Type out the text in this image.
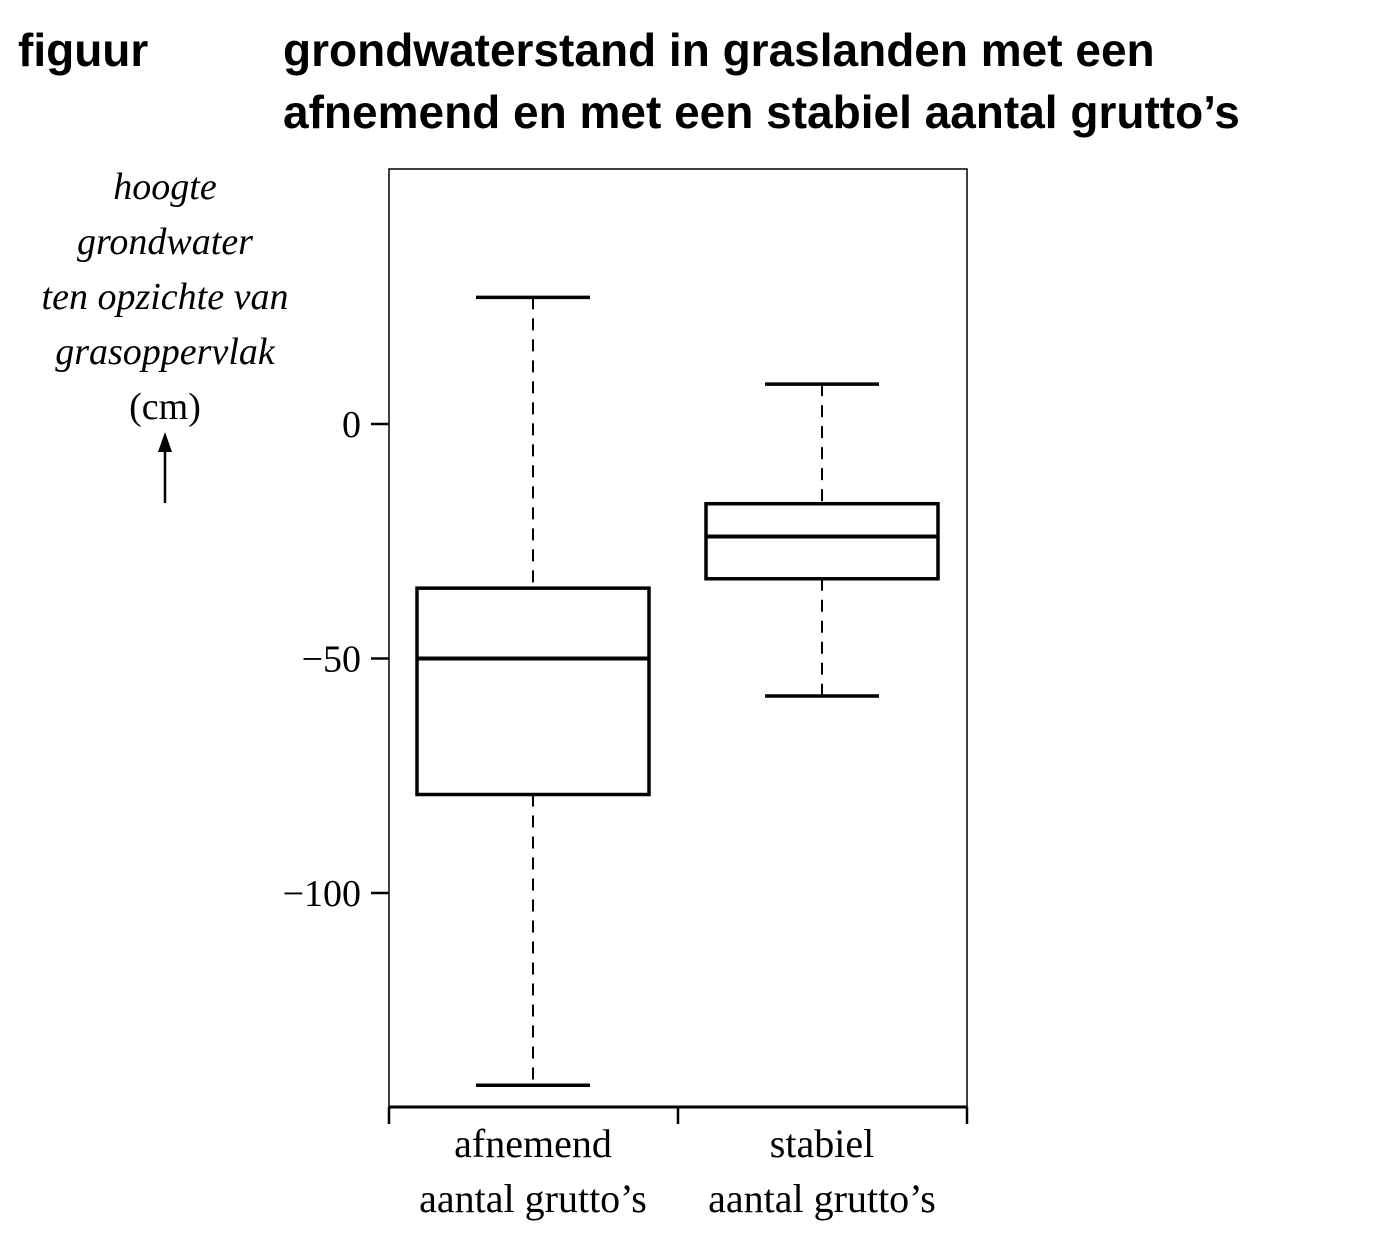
figuur	grondwaterstand in graslanden met een
afnemend en met een stabiel aantal grutto’s
hoogte
grondwater
ten opzichte van
grasoppervlak
(cm)	0
−50
−100
afnemend
aantal grutto’s
stabiel
aantal grutto’s
